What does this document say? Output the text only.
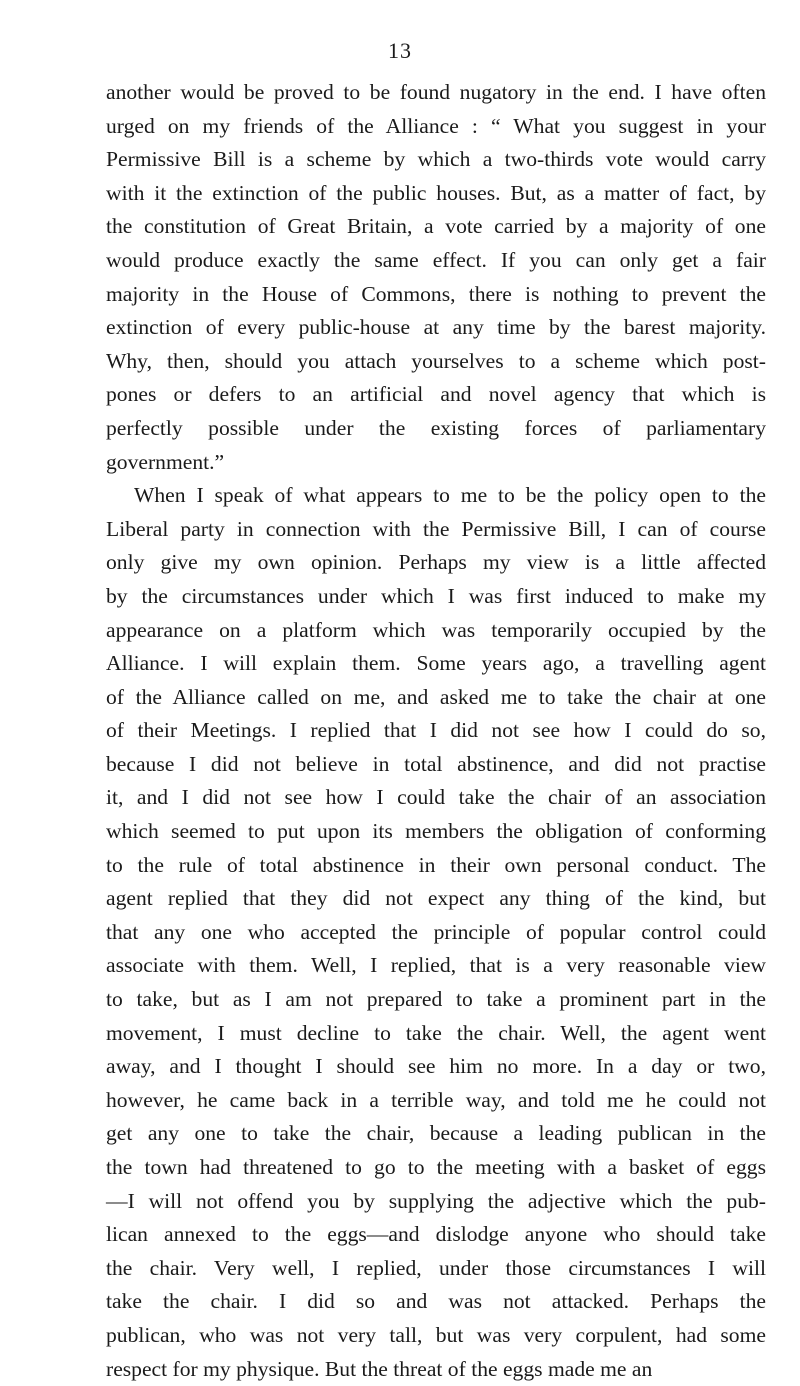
13

another would be proved to be found nugatory in the end. I have often
urged on my friends of the Alliance : “ What you suggest in your
Permissive Bill is a scheme by which a two-thirds vote would carry
with it the extinction of the public houses. But, as a matter of fact, by
the constitution of Great Britain, a vote carried by a majority of one
would produce exactly the same effect. If you can only get a fair
majority in the House of Commons, there is nothing to prevent the
extinction of every public-house at any time by the barest majority.
Why, then, should you attach yourselves to a scheme which post-
pones or defers to an artificial and novel agency that which is
perfectly possible under the existing forces of parliamentary
government.”

When I speak of what appears to me to be the policy open to the
Liberal party in connection with the Permissive Bill, I can of course
only give my own opinion. Perhaps my view is a little affected
by the circumstances under which I was first induced to make my
appearance on a platform which was temporarily occupied by the
Alliance. I will explain them. Some years ago, a travelling agent
of the Alliance called on me, and asked me to take the chair at one
of their Meetings. I replied that I did not see how I could do so,
because I did not believe in total abstinence, and did not practise
it, and I did not see how I could take the chair of an association
which seemed to put upon its members the obligation of conforming
to the rule of total abstinence in their own personal conduct. The
agent replied that they did not expect any thing of the kind, but
that any one who accepted the principle of popular control could
associate with them. Well, I replied, that is a very reasonable view
to take, but as I am not prepared to take a prominent part in the
movement, I must decline to take the chair. Well, the agent went
away, and I thought I should see him no more. In a day or two,
however, he came back in a terrible way, and told me he could not
get any one to take the chair, because a leading publican in the
the town had threatened to go to the meeting with a basket of eggs
—I will not offend you by supplying the adjective which the pub-
lican annexed to the eggs—and dislodge anyone who should take
the chair. Very well, I replied, under those circumstances I will
take the chair. I did so and was not attacked. Perhaps the
publican, who was not very tall, but was very corpulent, had some
respect for my physique. But the threat of the eggs made me an
